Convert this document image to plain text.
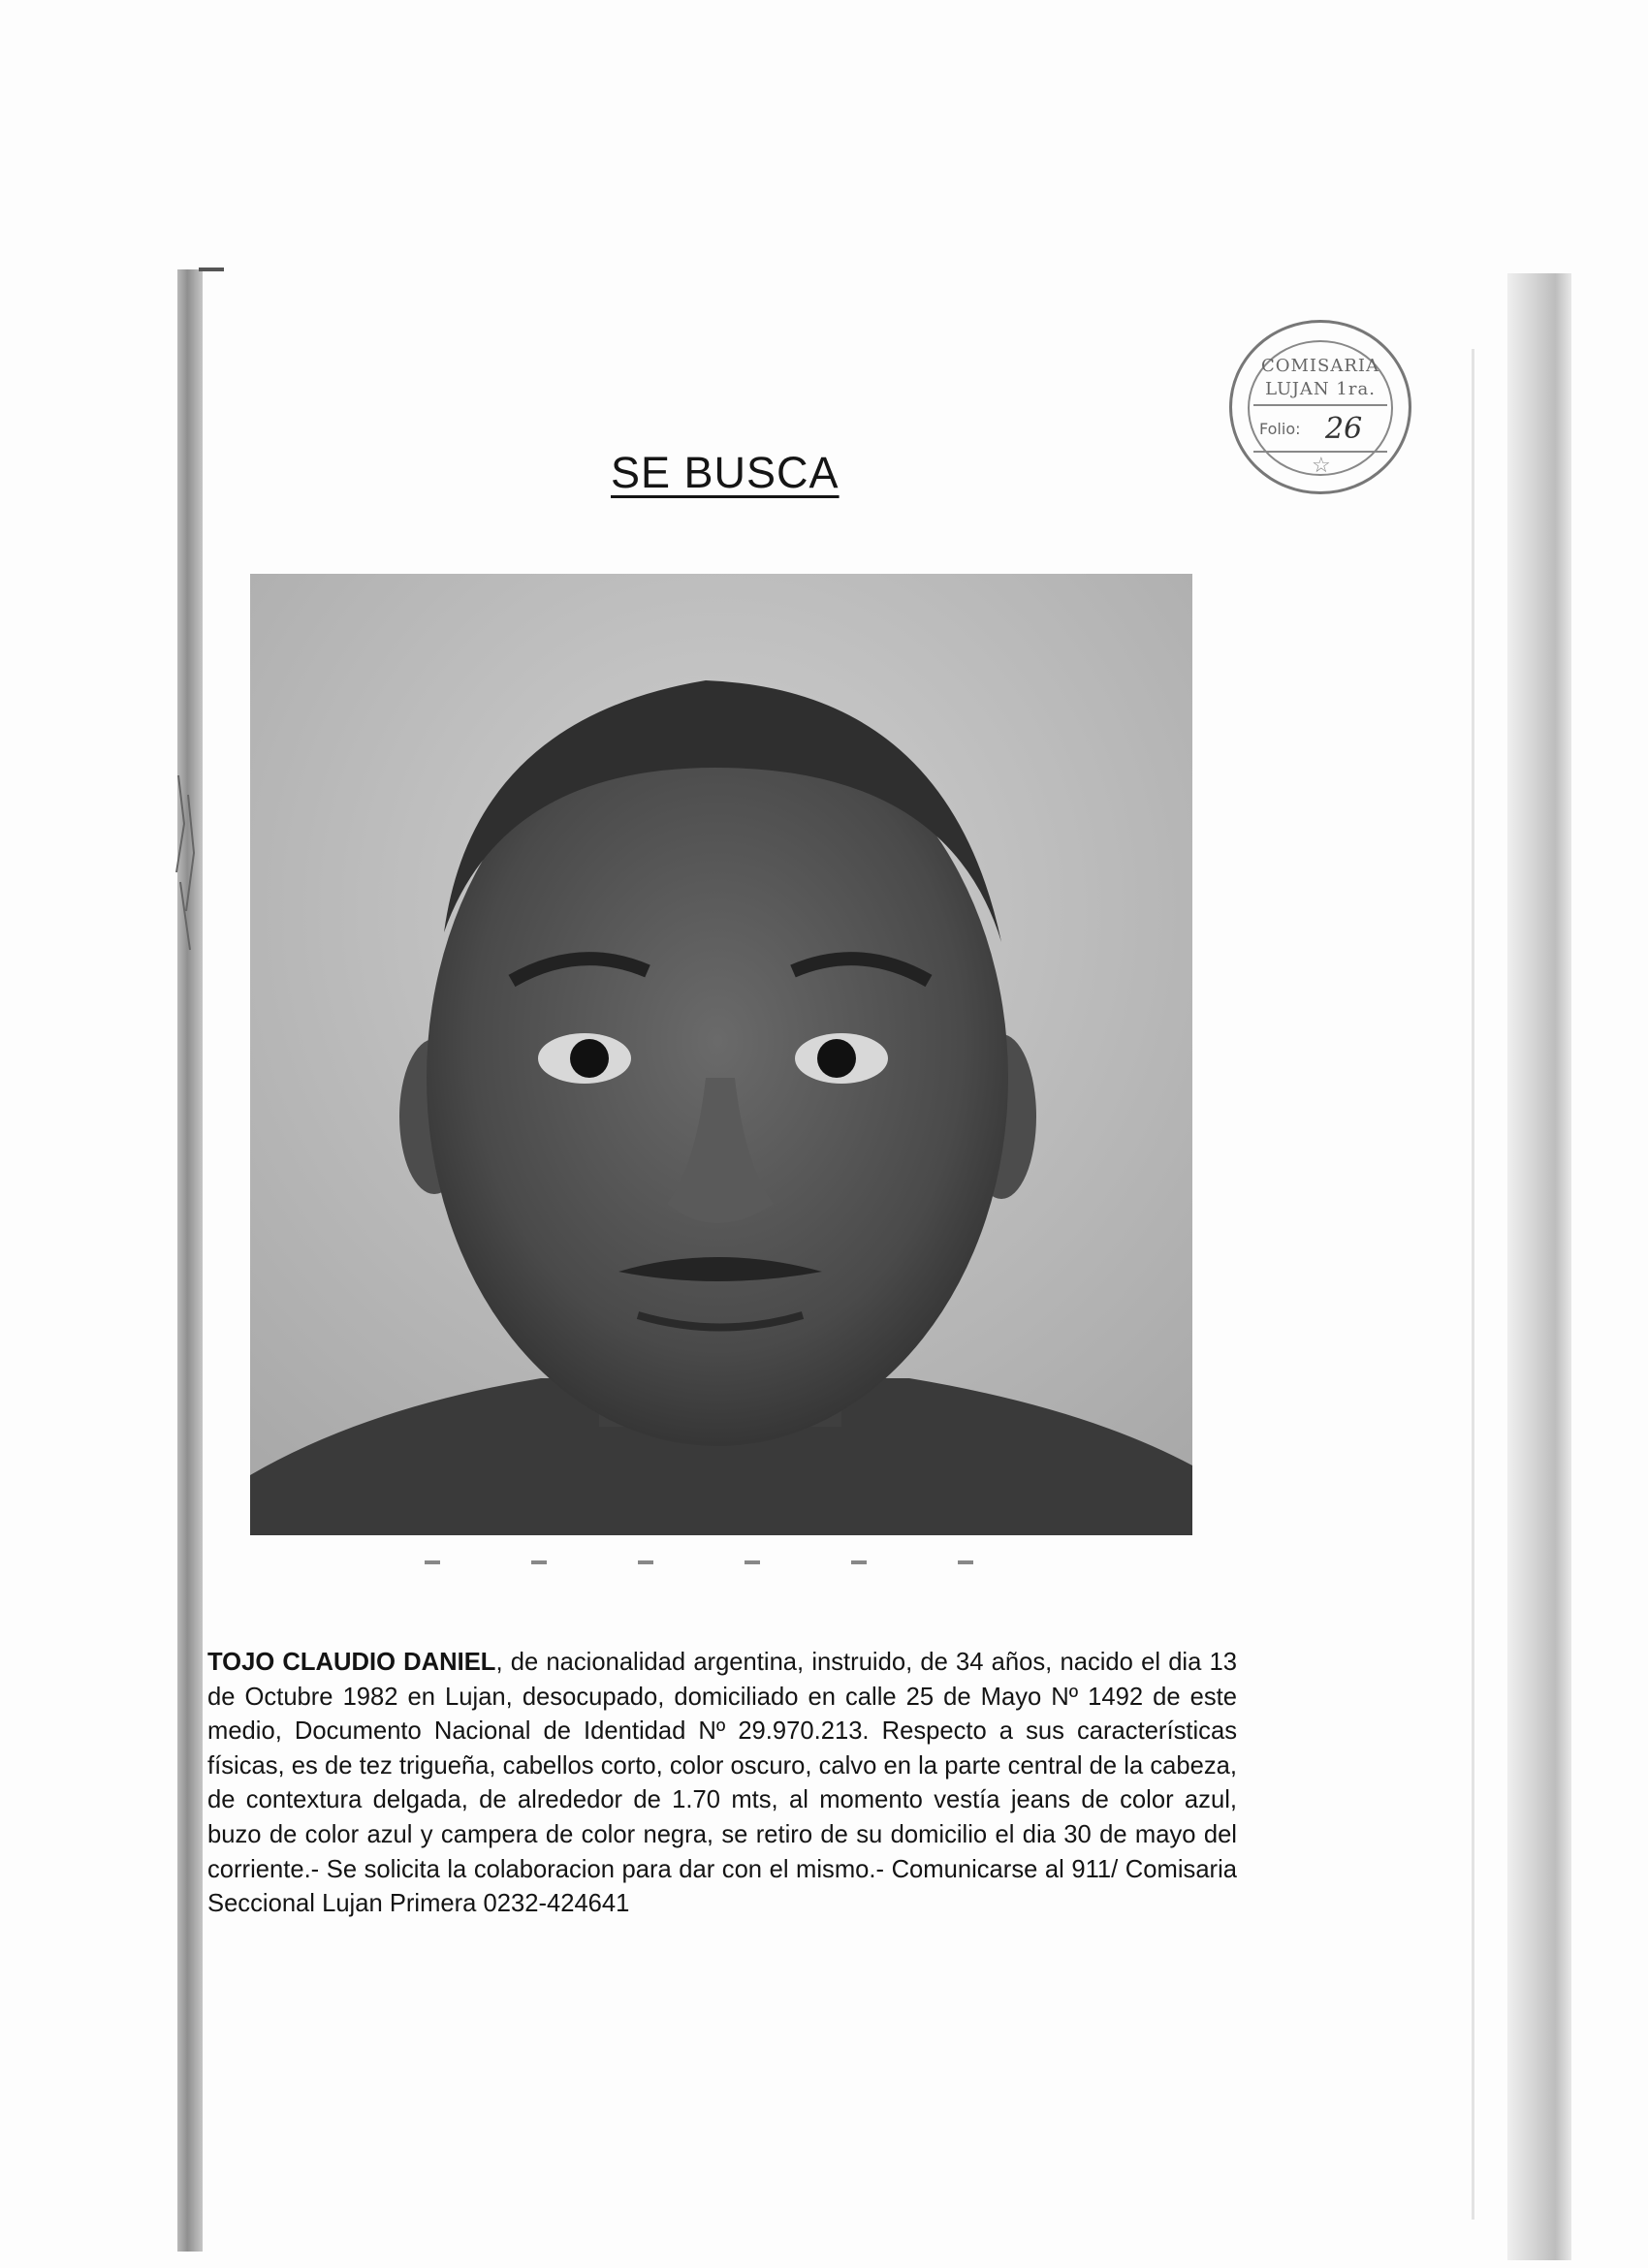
COMISARIA
LUJAN 1ra.
Folio: 26
☆
SE BUSCA
TOJO CLAUDIO DANIEL, de nacionalidad argentina, instruido, de 34 años, nacido el dia 13 de Octubre 1982 en Lujan, desocupado, domiciliado en calle 25 de Mayo Nº 1492 de este medio, Documento Nacional de Identidad Nº 29.970.213. Respecto a sus características físicas, es de tez trigueña, cabellos corto, color oscuro, calvo en la parte central de la cabeza, de contextura delgada, de alrededor de 1.70 mts, al momento vestía jeans de color azul, buzo de color azul y campera de color negra, se retiro de su domicilio el dia 30 de mayo del corriente.- Se solicita la colaboracion para dar con el mismo.- Comunicarse al 911/ Comisaria Seccional Lujan Primera 0232-424641
